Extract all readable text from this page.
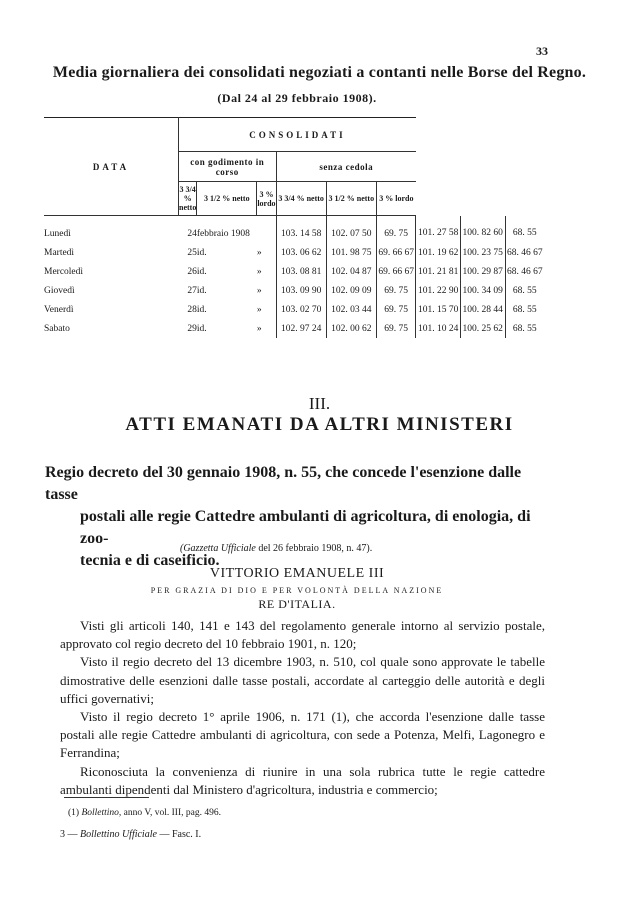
33
Media giornaliera dei consolidati negoziati a contanti nelle Borse del Regno.
(Dal 24 al 29 febbraio 1908).
DATA	CONSOLIDATI								
	con godimento in corso			senza cedola					
	3 3/4 % netto	3 1/2 % netto	3 % lordo	3 3/4 % netto	3 1/2 % netto	3 % lordo			
Lunedì	24	febbraio 1908		103. 14 58	102. 07 50	69. 75	101. 27 58	100. 82 60	68. 55
Martedì	25	id.	»	103. 06 62	101. 98 75	69. 66 67	101. 19 62	100. 23 75	68. 46 67
Mercoledì	26	id.	»	103. 08 81	102. 04 87	69. 66 67	101. 21 81	100. 29 87	68. 46 67
Giovedì	27	id.	»	103. 09 90	102. 09 09	69. 75	101. 22 90	100. 34 09	68. 55
Venerdì	28	id.	»	103. 02 70	102. 03 44	69. 75	101. 15 70	100. 28 44	68. 55
Sabato	29	id.	»	102. 97 24	102. 00 62	69. 75	101. 10 24	100. 25 62	68. 55
III.
ATTI EMANATI DA ALTRI MINISTERI
Regio decreto del 30 gennaio 1908, n. 55, che concede l'esenzione dalle tasse
postali alle regie Cattedre ambulanti di agricoltura, di enologia, di zoo-
tecnia e di caseificio.
(Gazzetta Ufficiale del 26 febbraio 1908, n. 47).
VITTORIO EMANUELE III
PER GRAZIA DI DIO E PER VOLONTÀ DELLA NAZIONE
RE D'ITALIA.

Visti gli articoli 140, 141 e 143 del regolamento generale intorno al servizio postale, approvato col regio decreto del 10 febbraio 1901, n. 120;

Visto il regio decreto del 13 dicembre 1903, n. 510, col quale sono approvate le tabelle dimostrative delle esenzioni dalle tasse postali, accordate al carteggio delle autorità e degli uffici governativi;

Visto il regio decreto 1° aprile 1906, n. 171 (1), che accorda l'esenzione dalle tasse postali alle regie Cattedre ambulanti di agricoltura, con sede a Potenza, Melfi, Lagonegro e Ferrandina;

Riconosciuta la convenienza di riunire in una sola rubrica tutte le regie cattedre ambulanti dipendenti dal Ministero d'agricoltura, industria e commercio;

(1) Bollettino, anno V, vol. III, pag. 496.
3 — Bollettino Ufficiale — Fasc. I.
